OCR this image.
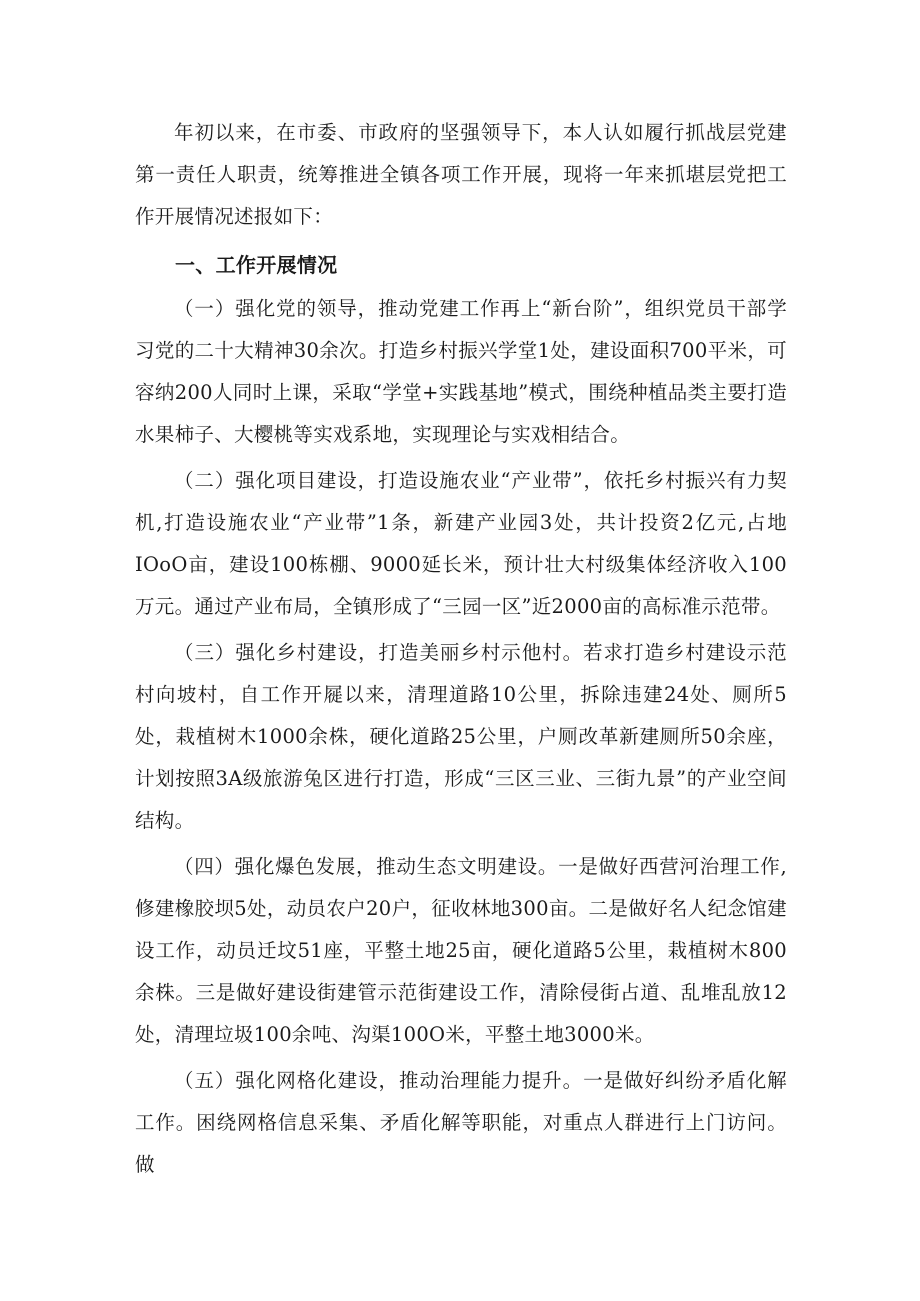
年初以来，在市委、市政府的坚强领导下，本人认如履行抓战层党建第一责任人职责，统筹推进全镇各项工作开展，现将一年来抓堪层党把工作开展情况述报如下：

一、工作开展情况

（一）强化党的领导，推动党建工作再上“新台阶”，组织党员干部学习党的二十大精神30余次。打造乡村振兴学堂1处，建设面积700平米，可容纳200人同时上课，采取“学堂+实践基地”模式，围绕种植品类主要打造水果柿子、大樱桃等实戏系地，实现理论与实戏相结合。

（二）强化项目建设，打造设施农业“产业带”，依托乡村振兴有力契机,打造设施农业“产业带”1条，新建产业园3处，共计投资2亿元,占地IOoO亩，建设100栋棚、9000延长米，预计壮大村级集体经济收入100万元。通过产业布局，全镇形成了“三园一区”近2000亩的高标准示范带。

（三）强化乡村建设，打造美丽乡村示他村。若求打造乡村建设示范村向坡村，自工作开屣以来，清理道路10公里，拆除违建24处、厕所5处，栽植树木1000余株，硬化道路25公里，户厕改革新建厕所50余座，计划按照3A级旅游兔区进行打造，形成“三区三业、三街九景”的产业空间结构。

（四）强化爆色发展，推动生态文明建设。一是做好西营河治理工作,修建橡胶坝5处，动员农户20户，征收林地300亩。二是做好名人纪念馆建设工作，动员迁坟51座，平整土地25亩，硬化道路5公里，栽植树木800余株。三是做好建设街建管示范街建设工作，清除侵街占道、乱堆乱放12处，清理垃圾100余吨、沟渠100O米，平整土地3000米。

（五）强化网格化建设，推动治理能力提升。一是做好纠纷矛盾化解工作。困绕网格信息采集、矛盾化解等职能，对重点人群进行上门访问。做
